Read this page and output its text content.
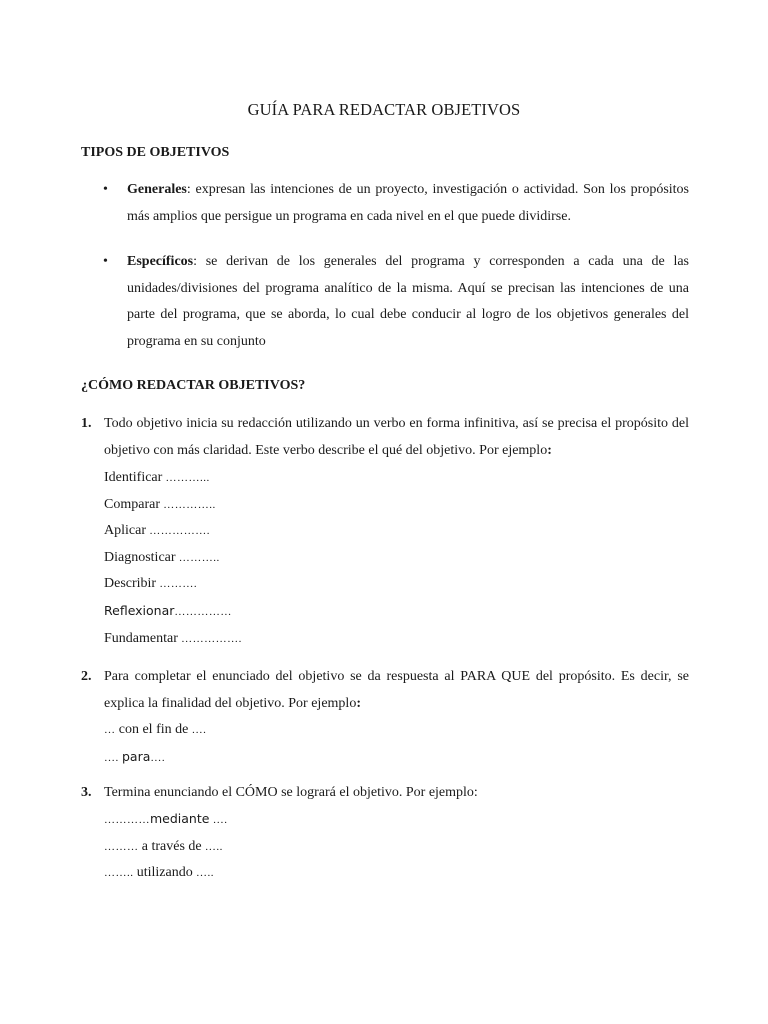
GUÍA PARA REDACTAR OBJETIVOS
TIPOS DE OBJETIVOS
• Generales: expresan las intenciones de un proyecto, investigación o actividad. Son los propósitos más amplios que persigue un programa en cada nivel en el que puede dividirse.
• Específicos: se derivan de los generales del programa y corresponden a cada una de las unidades/divisiones del programa analítico de la misma. Aquí se precisan las intenciones de una parte del programa, que se aborda, lo cual debe conducir al logro de los objetivos generales del programa en su conjunto
¿CÓMO REDACTAR OBJETIVOS?
1. Todo objetivo inicia su redacción utilizando un verbo en forma infinitiva, así se precisa el propósito del objetivo con más claridad. Este verbo describe el qué del objetivo. Por ejemplo:
Identificar ………...
Comparar …………..
Aplicar …………….
Diagnosticar ………..
Describir ……….
Reflexionar……………
Fundamentar …………….
2. Para completar el enunciado del objetivo se da respuesta al PARA QUE del propósito. Es decir, se explica la finalidad del objetivo. Por ejemplo:
… con el fin de ….
…. para….
3. Termina enunciando el CÓMO se logrará el objetivo. Por ejemplo:
…………mediante ….
……… a través de …..
…….. utilizando …..
